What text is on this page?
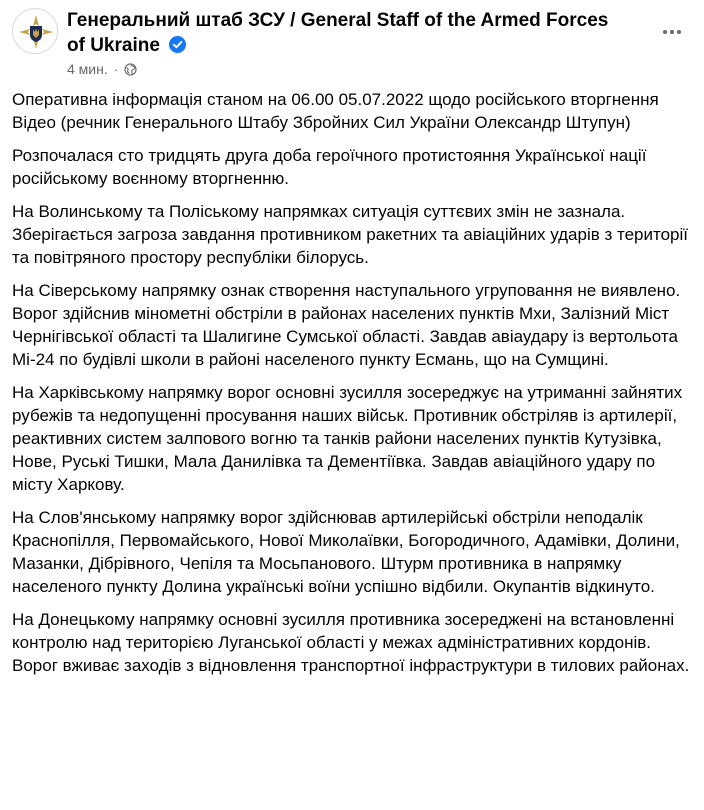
Генеральний штаб ЗСУ / General Staff of the Armed Forces of Ukraine
4 мин. ·

Оперативна інформація станом на 06.00 05.07.2022 щодо російського вторгнення
Відео (речник Генерального Штабу Збройних Сил України Олександр Штупун)

Розпочалася сто тридцять друга доба героїчного протистояння Української нації російському воєнному вторгненню.

На Волинському та Поліському напрямках ситуація суттєвих змін не зазнала. Зберігається загроза завдання противником ракетних та авіаційних ударів з території та повітряного простору республіки білорусь.

На Сіверському напрямку ознак створення наступального угруповання не виявлено. Ворог здійснив мінометні обстріли в районах населених пунктів Мхи, Залізний Міст Чернігівської області та Шалигине Сумської області. Завдав авіаудару із вертольота Мі-24 по будівлі школи в районі населеного пункту Есмань, що на Сумщині.

На Харківському напрямку ворог основні зусилля зосереджує на утриманні зайнятих рубежів та недопущенні просування наших військ. Противник обстріляв із артилерії, реактивних систем залпового вогню та танків райони населених пунктів Кутузівка, Нове, Руські Тишки, Мала Данилівка та Дементіївка. Завдав авіаційного удару по місту Харкову.

На Слов'янському напрямку ворог здійснював артилерійські обстріли неподалік Краснопілля, Первомайського, Нової Миколаївки, Богородичного, Адамівки, Долини, Мазанки, Дібрівного, Чепіля та Мосьпанового. Штурм противника в напрямку населеного пункту Долина українські воїни успішно відбили. Окупантів відкинуто.

На Донецькому напрямку основні зусилля противника зосереджені на встановленні контролю над територією Луганської області у межах адміністративних кордонів. Ворог вживає заходів з відновлення транспортної інфраструктури в тилових районах.
